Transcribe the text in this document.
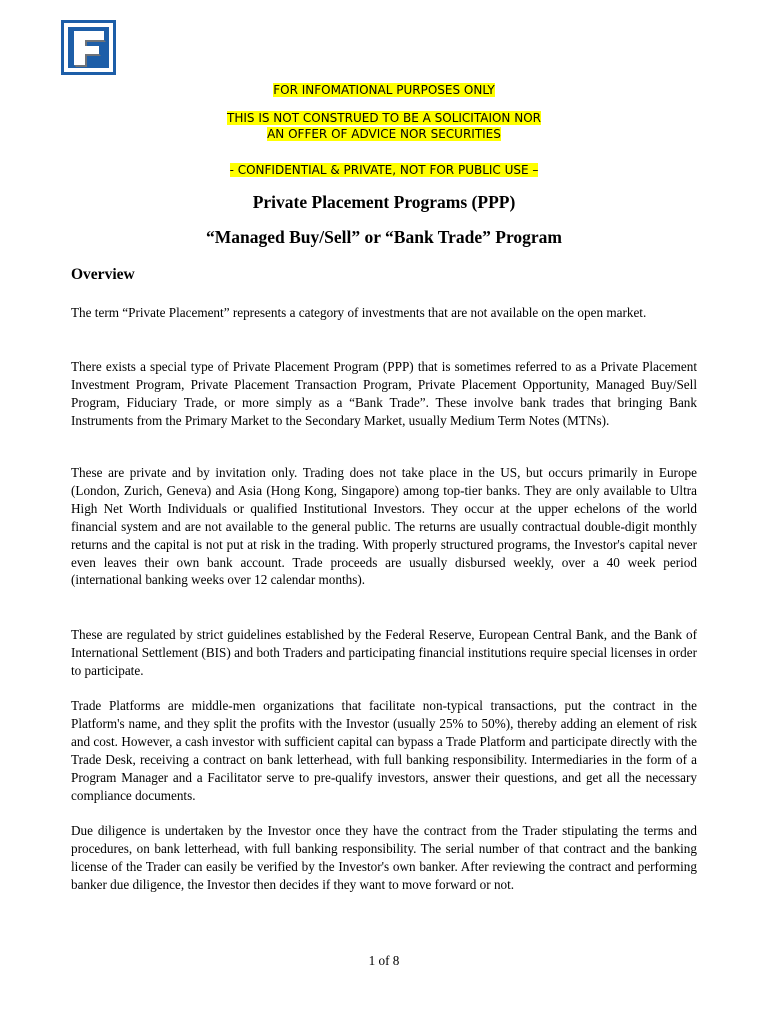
FOR INFOMATIONAL PURPOSES ONLY
THIS IS NOT CONSTRUED TO BE A SOLICITAION NOR
AN OFFER OF ADVICE NOR SECURITIES
- CONFIDENTIAL & PRIVATE, NOT FOR PUBLIC USE –
Private Placement Programs (PPP)
“Managed Buy/Sell” or “Bank Trade” Program
Overview

The term “Private Placement” represents a category of investments that are not available on the open market.

There exists a special type of Private Placement Program (PPP) that is sometimes referred to as a Private Placement Investment Program, Private Placement Transaction Program, Private Placement Opportunity, Managed Buy/Sell Program, Fiduciary Trade, or more simply as a “Bank Trade”. These involve bank trades that bringing Bank Instruments from the Primary Market to the Secondary Market, usually Medium Term Notes (MTNs).

These are private and by invitation only. Trading does not take place in the US, but occurs primarily in Europe (London, Zurich, Geneva) and Asia (Hong Kong, Singapore) among top-tier banks. They are only available to Ultra High Net Worth Individuals or qualified Institutional Investors. They occur at the upper echelons of the world financial system and are not available to the general public. The returns are usually contractual double-digit monthly returns and the capital is not put at risk in the trading. With properly structured programs, the Investor's capital never even leaves their own bank account. Trade proceeds are usually disbursed weekly, over a 40 week period (international banking weeks over 12 calendar months).

These are regulated by strict guidelines established by the Federal Reserve, European Central Bank, and the Bank of International Settlement (BIS) and both Traders and participating financial institutions require special licenses in order to participate.

Trade Platforms are middle-men organizations that facilitate non-typical transactions, put the contract in the Platform's name, and they split the profits with the Investor (usually 25% to 50%), thereby adding an element of risk and cost. However, a cash investor with sufficient capital can bypass a Trade Platform and participate directly with the Trade Desk, receiving a contract on bank letterhead, with full banking responsibility. Intermediaries in the form of a Program Manager and a Facilitator serve to pre-qualify investors, answer their questions, and get all the necessary compliance documents.

Due diligence is undertaken by the Investor once they have the contract from the Trader stipulating the terms and procedures, on bank letterhead, with full banking responsibility. The serial number of that contract and the banking license of the Trader can easily be verified by the Investor's own banker. After reviewing the contract and performing banker due diligence, the Investor then decides if they want to move forward or not.

1 of 8
